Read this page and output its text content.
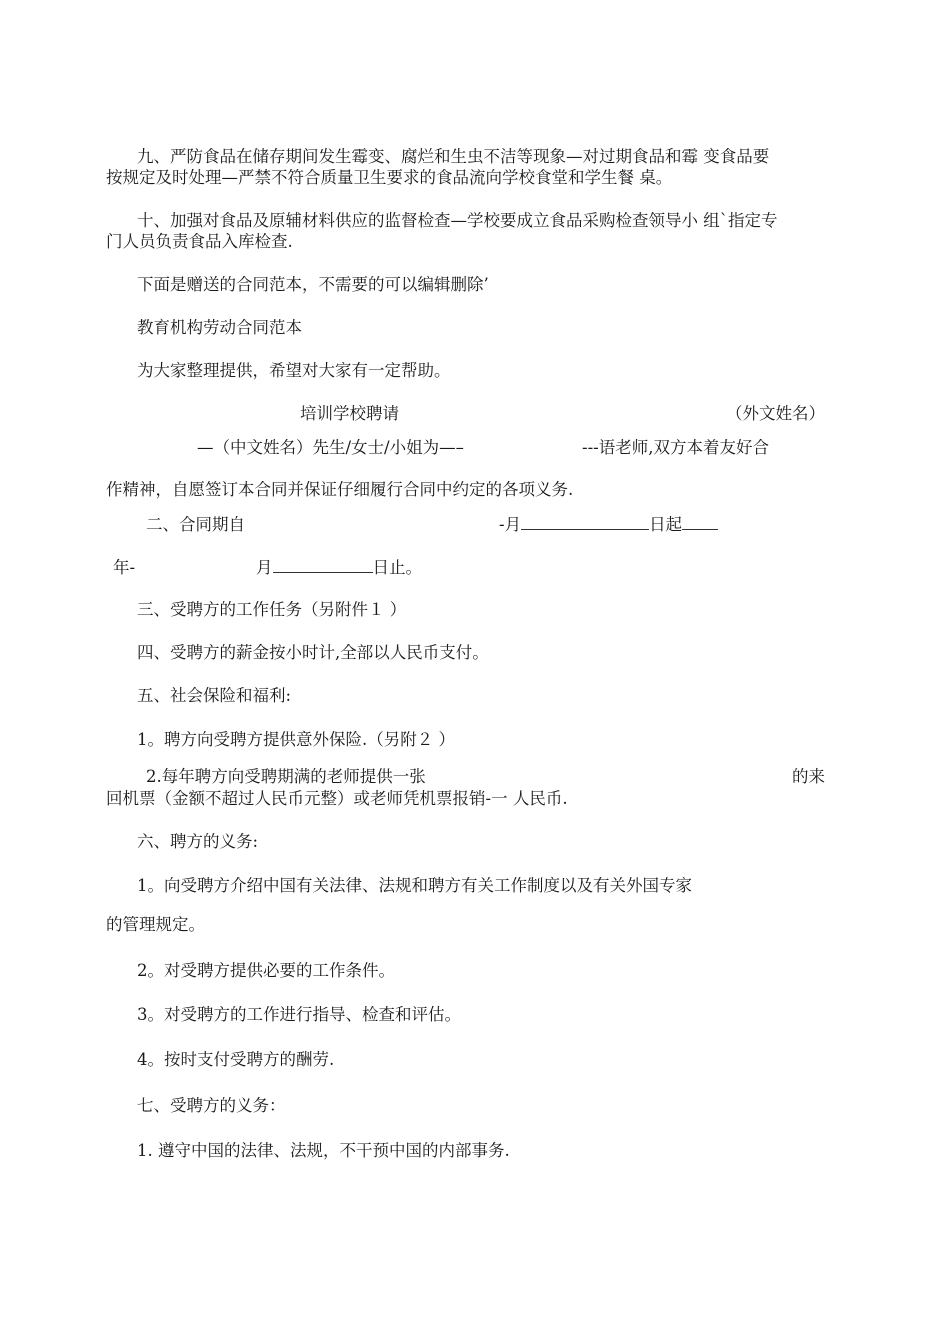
九、严防食品在储存期间发生霉变、腐烂和生虫不洁等现象—对过期食品和霉 变食品要
按规定及时处理—严禁不符合质量卫生要求的食品流向学校食堂和学生餐 桌。
十、加强对食品及原辅材料供应的监督检查—学校要成立食品采购检查领导小 组`指定专
门人员负责食品入库检查.
下面是赠送的合同范本，不需要的可以编辑删除’
教育机构劳动合同范本
为大家整理提供，希望对大家有一定帮助。
培训学校聘请	（外文姓名）
—（中文姓名）先生/女士/小姐为—–	---语老师,双方本着友好合
作精神，自愿签订本合同并保证仔细履行合同中约定的各项义务.
二、合同期自	-月	日起
年-	月	日止。
三、受聘方的工作任务（另附件１ ）
四、受聘方的薪金按小时计,全部以人民币支付。
五、社会保险和福利:
1。聘方向受聘方提供意外保险.（另附２ ）
2.每年聘方向受聘期满的老师提供一张	的来
回机票（金额不超过人民币元整）或老师凭机票报销-一 人民币.
六、聘方的义务:
1。向受聘方介绍中国有关法律、法规和聘方有关工作制度以及有关外国专家
的管理规定。
2。对受聘方提供必要的工作条件。
3。对受聘方的工作进行指导、检查和评估。
4。按时支付受聘方的酬劳.
七、受聘方的义务：
1. 遵守中国的法律、法规，不干预中国的内部事务.
